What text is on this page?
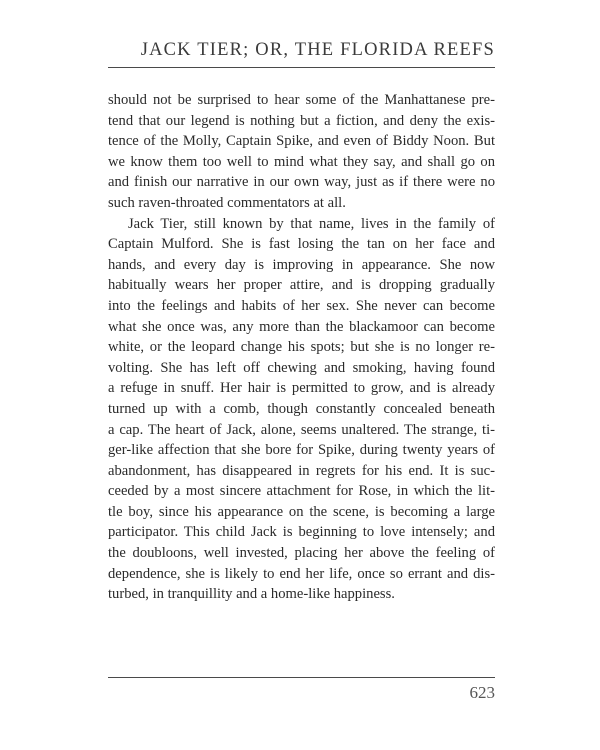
JACK TIER; OR, THE FLORIDA REEFS
should not be surprised to hear some of the Manhattanese pre-
tend that our legend is nothing but a fiction, and deny the exis-
tence of the Molly, Captain Spike, and even of Biddy Noon. But
we know them too well to mind what they say, and shall go on
and finish our narrative in our own way, just as if there were no
such raven-throated commentators at all.
Jack Tier, still known by that name, lives in the family of
Captain Mulford. She is fast losing the tan on her face and
hands, and every day is improving in appearance. She now
habitually wears her proper attire, and is dropping gradually
into the feelings and habits of her sex. She never can become
what she once was, any more than the blackamoor can become
white, or the leopard change his spots; but she is no longer re-
volting. She has left off chewing and smoking, having found
a refuge in snuff. Her hair is permitted to grow, and is already
turned up with a comb, though constantly concealed beneath
a cap. The heart of Jack, alone, seems unaltered. The strange, ti-
ger-like affection that she bore for Spike, during twenty years of
abandonment, has disappeared in regrets for his end. It is suc-
ceeded by a most sincere attachment for Rose, in which the lit-
tle boy, since his appearance on the scene, is becoming a large
participator. This child Jack is beginning to love intensely; and
the doubloons, well invested, placing her above the feeling of
dependence, she is likely to end her life, once so errant and dis-
turbed, in tranquillity and a home-like happiness.
623
